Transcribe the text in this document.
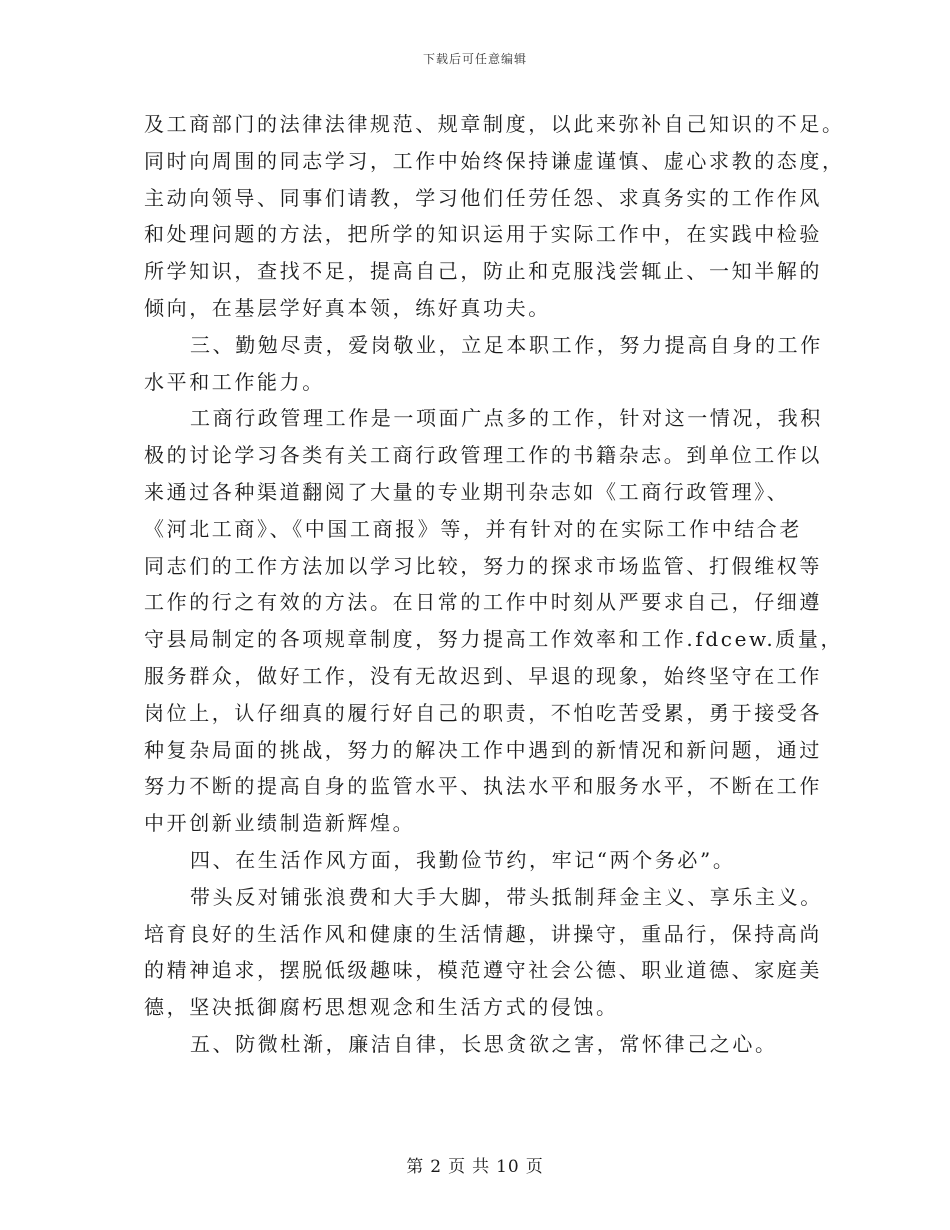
下载后可任意编辑

及工商部门的法律法律规范、规章制度，以此来弥补自己知识的不足。
同时向周围的同志学习，工作中始终保持谦虚谨慎、虚心求教的态度，
主动向领导、同事们请教，学习他们任劳任怨、求真务实的工作作风
和处理问题的方法，把所学的知识运用于实际工作中，在实践中检验
所学知识，查找不足，提高自己，防止和克服浅尝辄止、一知半解的
倾向，在基层学好真本领，练好真功夫。

三、勤勉尽责，爱岗敬业，立足本职工作，努力提高自身的工作
水平和工作能力。

工商行政管理工作是一项面广点多的工作，针对这一情况，我积
极的讨论学习各类有关工商行政管理工作的书籍杂志。到单位工作以
来通过各种渠道翻阅了大量的专业期刊杂志如《工商行政管理》、
《河北工商》、《中国工商报》等，并有针对的在实际工作中结合老
同志们的工作方法加以学习比较，努力的探求市场监管、打假维权等
工作的行之有效的方法。在日常的工作中时刻从严要求自己，仔细遵
守县局制定的各项规章制度，努力提高工作效率和工作.fdcew.质量，
服务群众，做好工作，没有无故迟到、早退的现象，始终坚守在工作
岗位上，认仔细真的履行好自己的职责，不怕吃苦受累，勇于接受各
种复杂局面的挑战，努力的解决工作中遇到的新情况和新问题，通过
努力不断的提高自身的监管水平、执法水平和服务水平，不断在工作
中开创新业绩制造新辉煌。

四、在生活作风方面，我勤俭节约，牢记“两个务必”。

带头反对铺张浪费和大手大脚，带头抵制拜金主义、享乐主义。
培育良好的生活作风和健康的生活情趣，讲操守，重品行，保持高尚
的精神追求，摆脱低级趣味，模范遵守社会公德、职业道德、家庭美
德，坚决抵御腐朽思想观念和生活方式的侵蚀。

五、防微杜渐，廉洁自律，长思贪欲之害，常怀律己之心。

第 2 页 共 10 页
